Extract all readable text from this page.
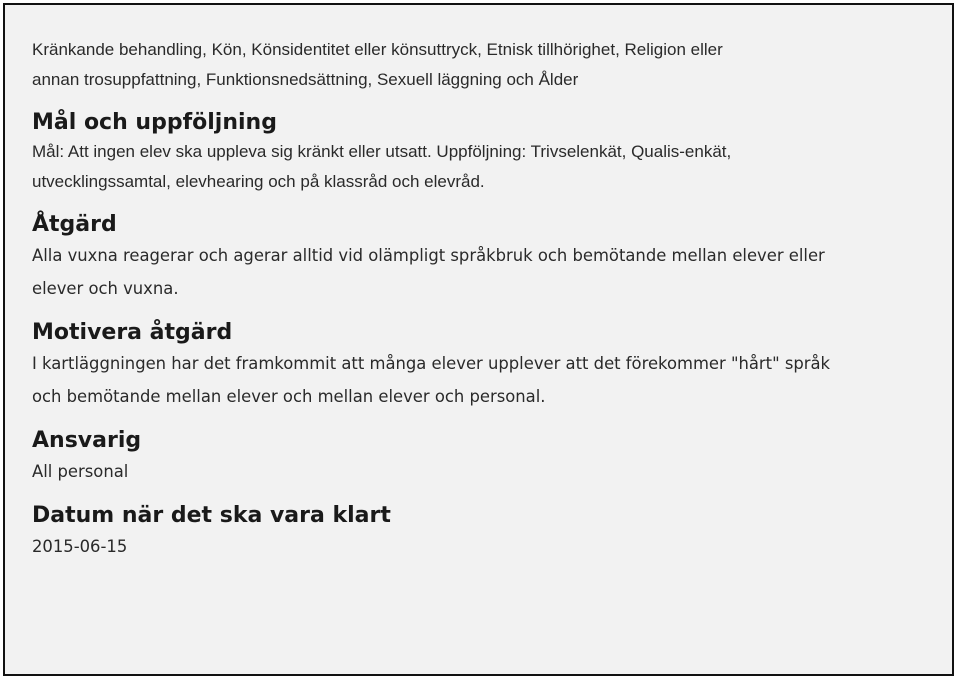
Kränkande behandling, Kön, Könsidentitet eller könsuttryck, Etnisk tillhörighet, Religion eller
annan trosuppfattning, Funktionsnedsättning, Sexuell läggning och Ålder
Mål och uppföljning
Mål: Att ingen elev ska uppleva sig kränkt eller utsatt. Uppföljning: Trivselenkät, Qualis-enkät,
utvecklingssamtal, elevhearing och på klassråd och elevråd.
Åtgärd
Alla vuxna reagerar och agerar alltid vid olämpligt språkbruk och bemötande mellan elever eller
elever och vuxna.
Motivera åtgärd
I kartläggningen har det framkommit att många elever upplever att det förekommer "hårt" språk
och bemötande mellan elever och mellan elever och personal.
Ansvarig
All personal
Datum när det ska vara klart
2015-06-15
